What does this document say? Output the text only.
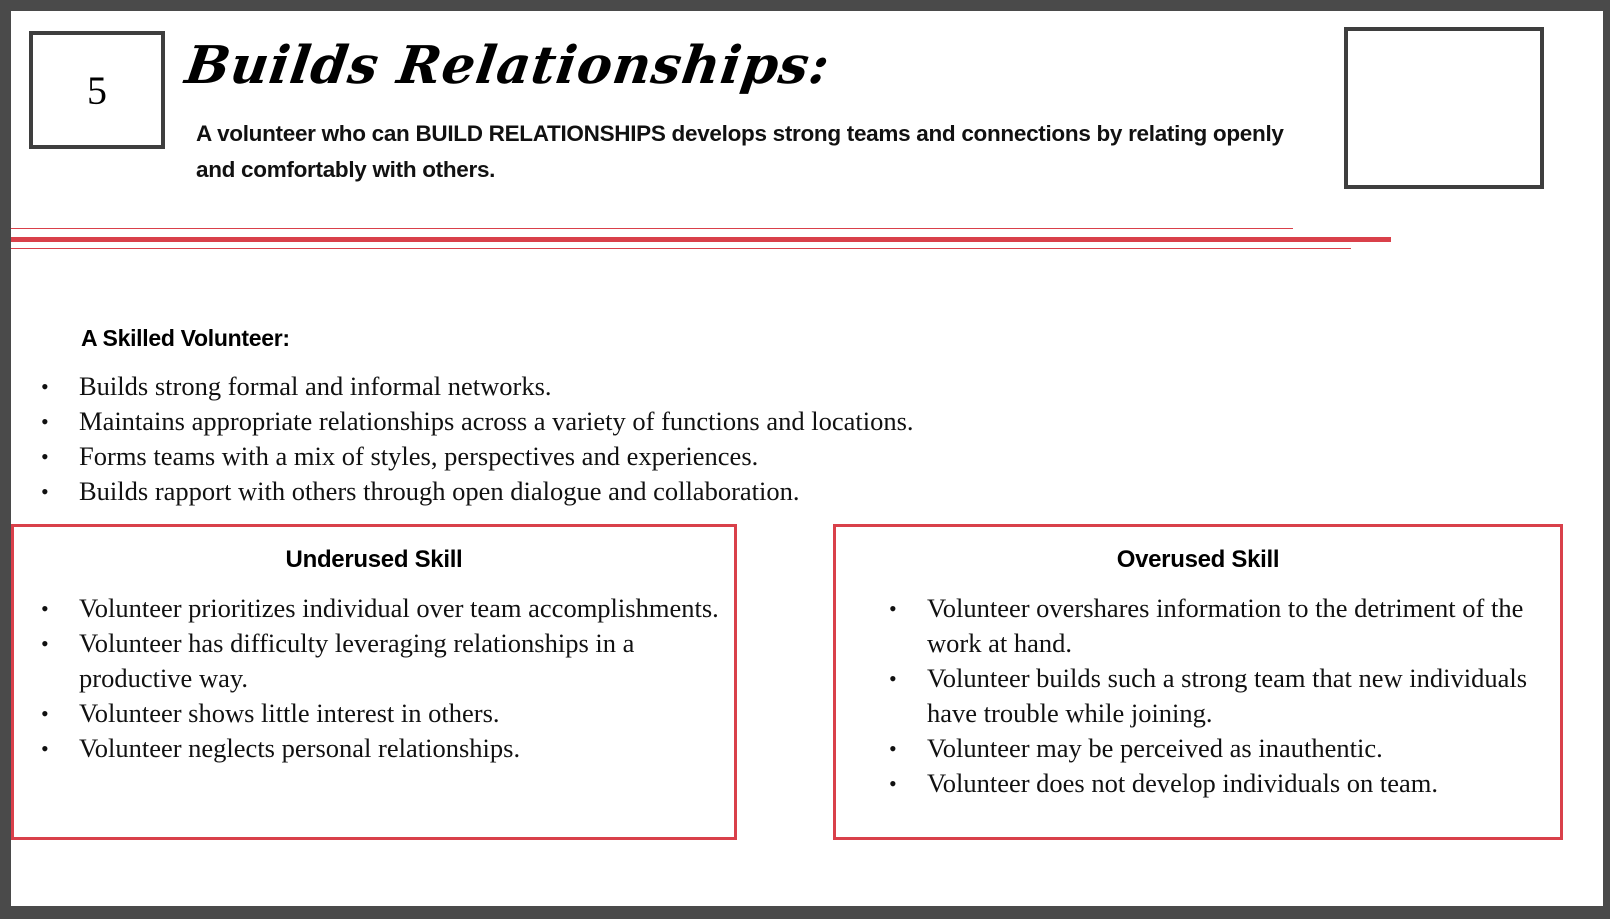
5 Builds Relationships:
A volunteer who can BUILD RELATIONSHIPS develops strong teams and connections by relating openly and comfortably with others.
A Skilled Volunteer:
• Builds strong formal and informal networks.
• Maintains appropriate relationships across a variety of functions and locations.
• Forms teams with a mix of styles, perspectives and experiences.
• Builds rapport with others through open dialogue and collaboration.
Underused Skill
• Volunteer prioritizes individual over team accomplishments.
• Volunteer has difficulty leveraging relationships in a productive way.
• Volunteer shows little interest in others.
• Volunteer neglects personal relationships.
Overused Skill
• Volunteer overshares information to the detriment of the work at hand.
• Volunteer builds such a strong team that new individuals have trouble while joining.
• Volunteer may be perceived as inauthentic.
• Volunteer does not develop individuals on team.
